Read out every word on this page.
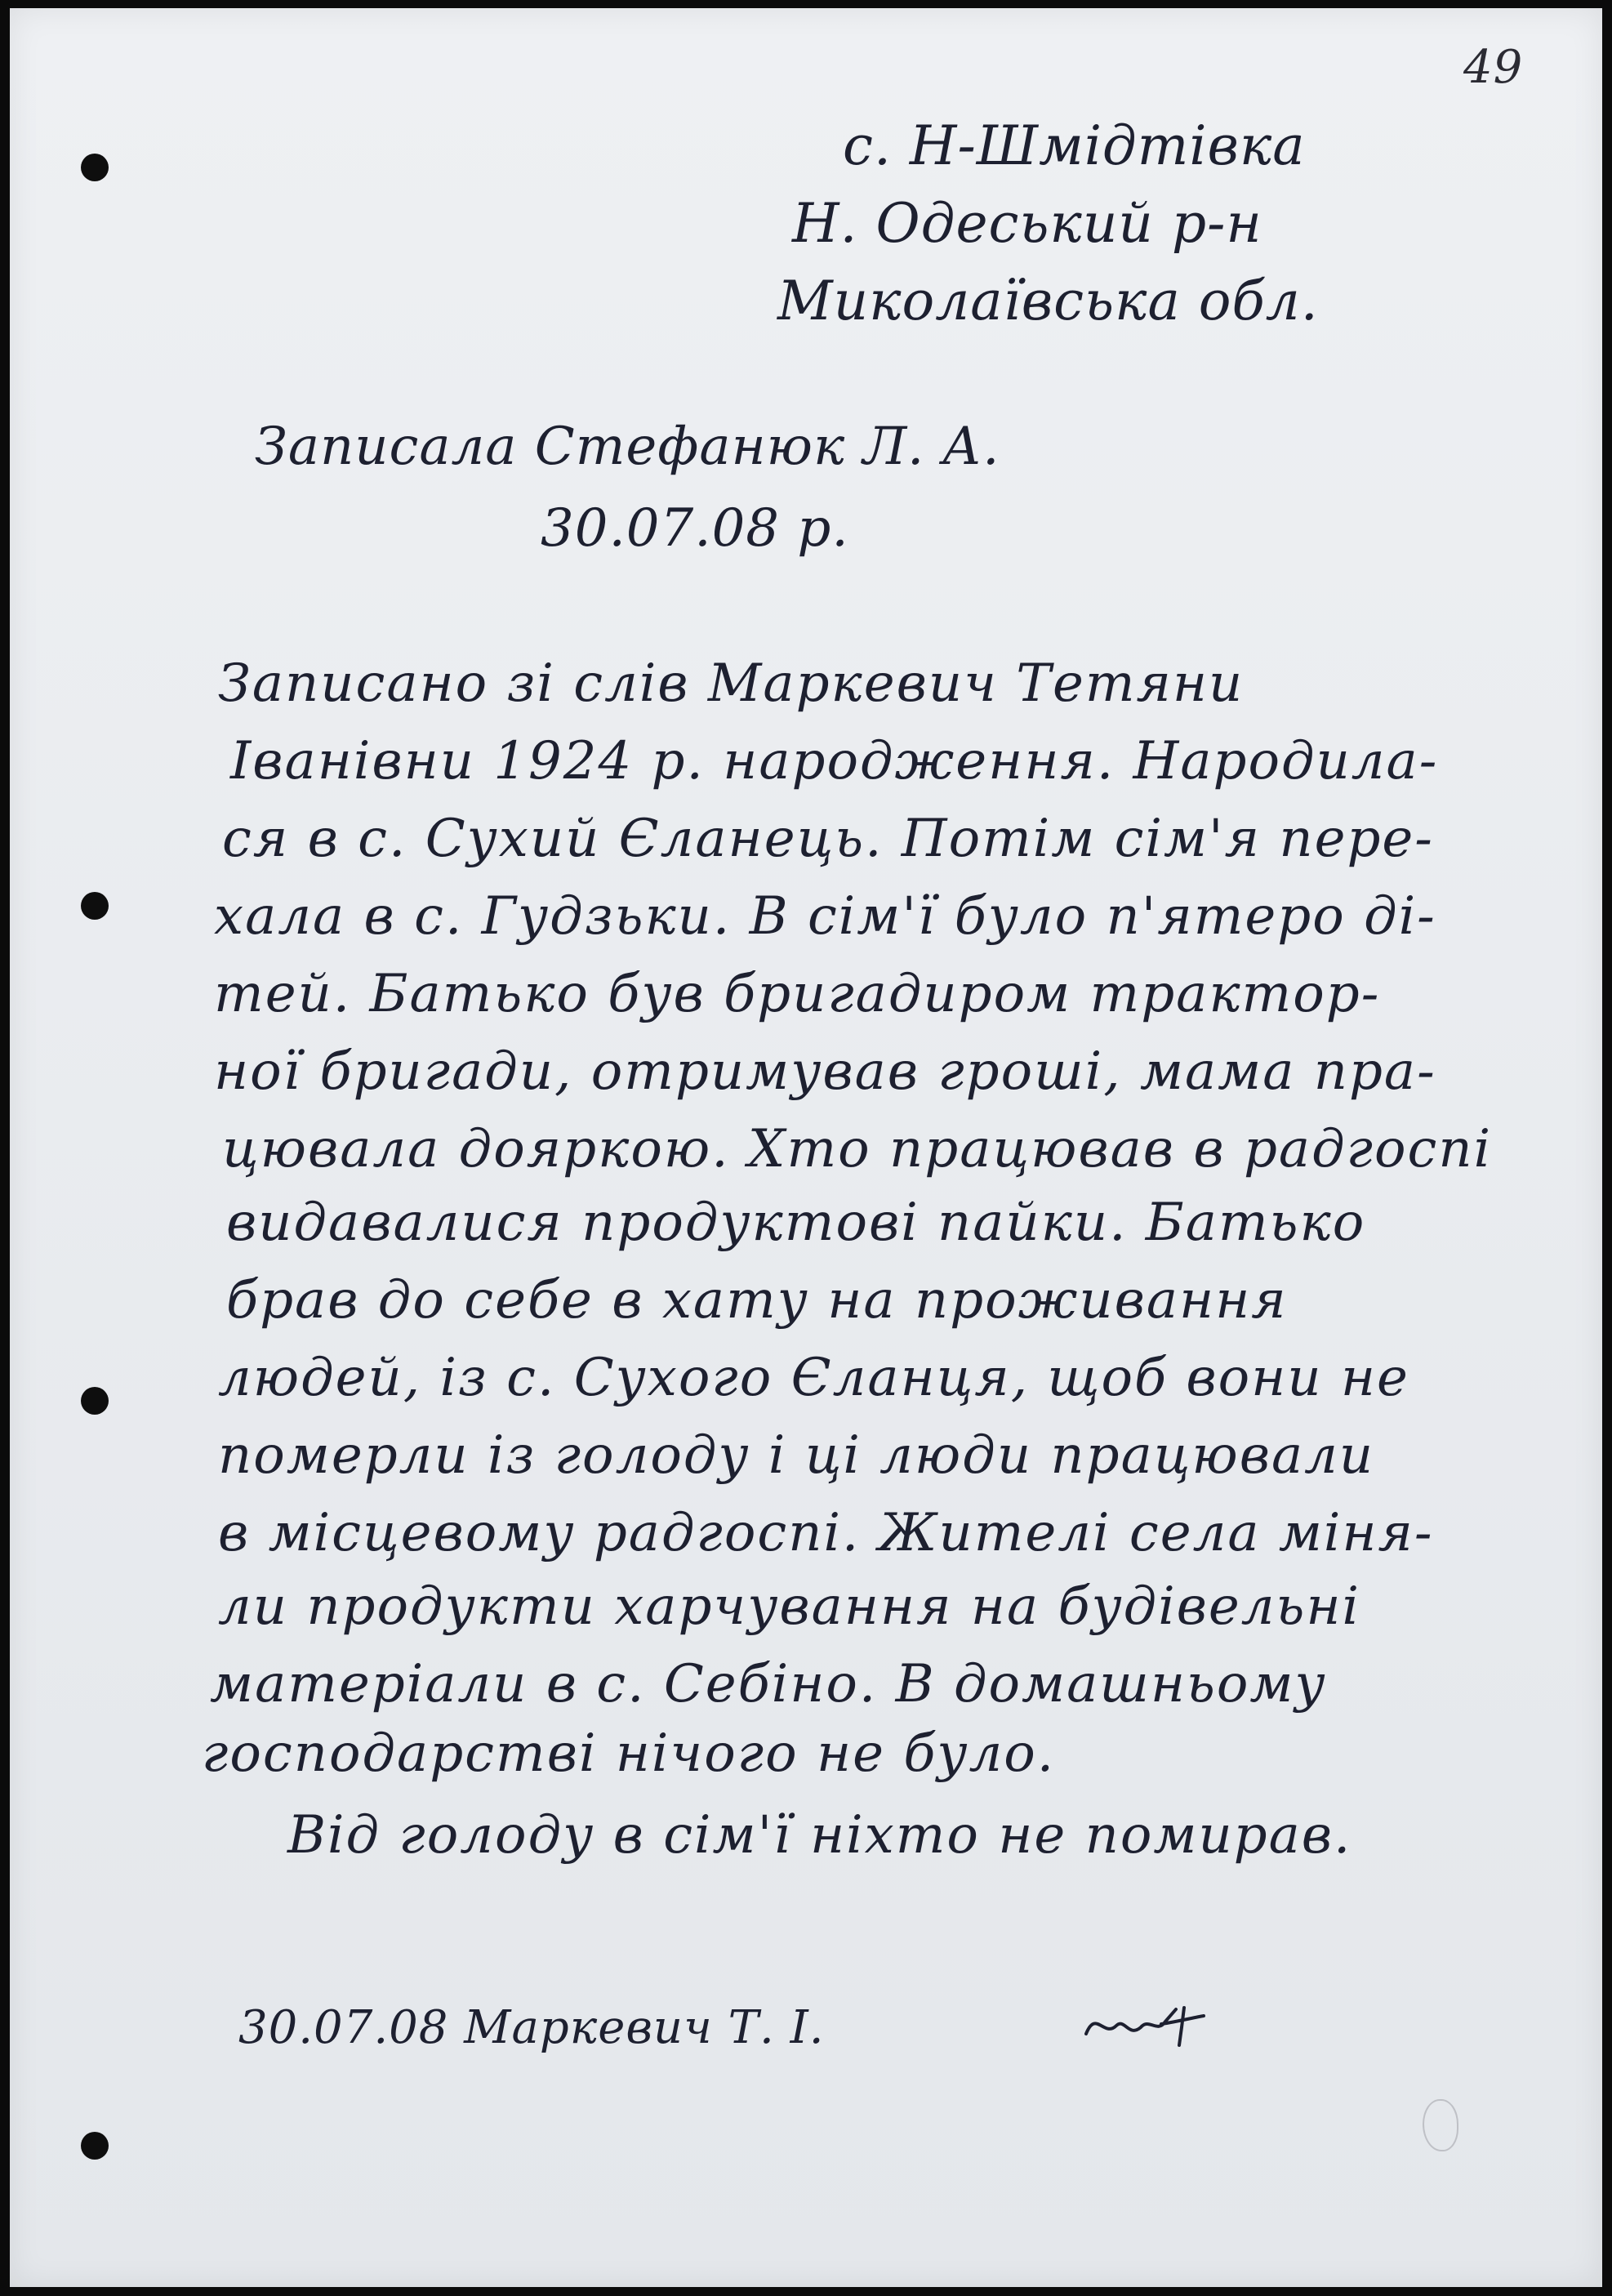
49
с. Н-Шмідтівка
Н. Одеський р-н
Миколаївська обл.
Записала Стефанюк Л. А.
30.07.08 р.
Записано зі слів Маркевич Тетяни
Іванівни 1924 р. народження. Народила-
ся в с. Сухий Єланець. Потім сім'я перe-
хала в с. Гудзьки. В сім'ї було п'ятеро ді-
тей. Батько був бригадиром трактор-
ної бригади, отримував гроші, мама пра-
цювала дояркою. Хто працював в радгоспі
видавалися продуктові пайки. Батько
брав до себе в хату на проживання
людей, із с. Сухого Єланця, щоб вони не
померли із голоду і ці люди працювали
в місцевому радгоспі. Жителі села міня-
ли продукти харчування на будівельні
матеріали в с. Себіно. В домашньому
господарстві нічого не було.
Від голоду в сім'ї ніхто не помирав.
30.07.08 Маркевич Т. І.
